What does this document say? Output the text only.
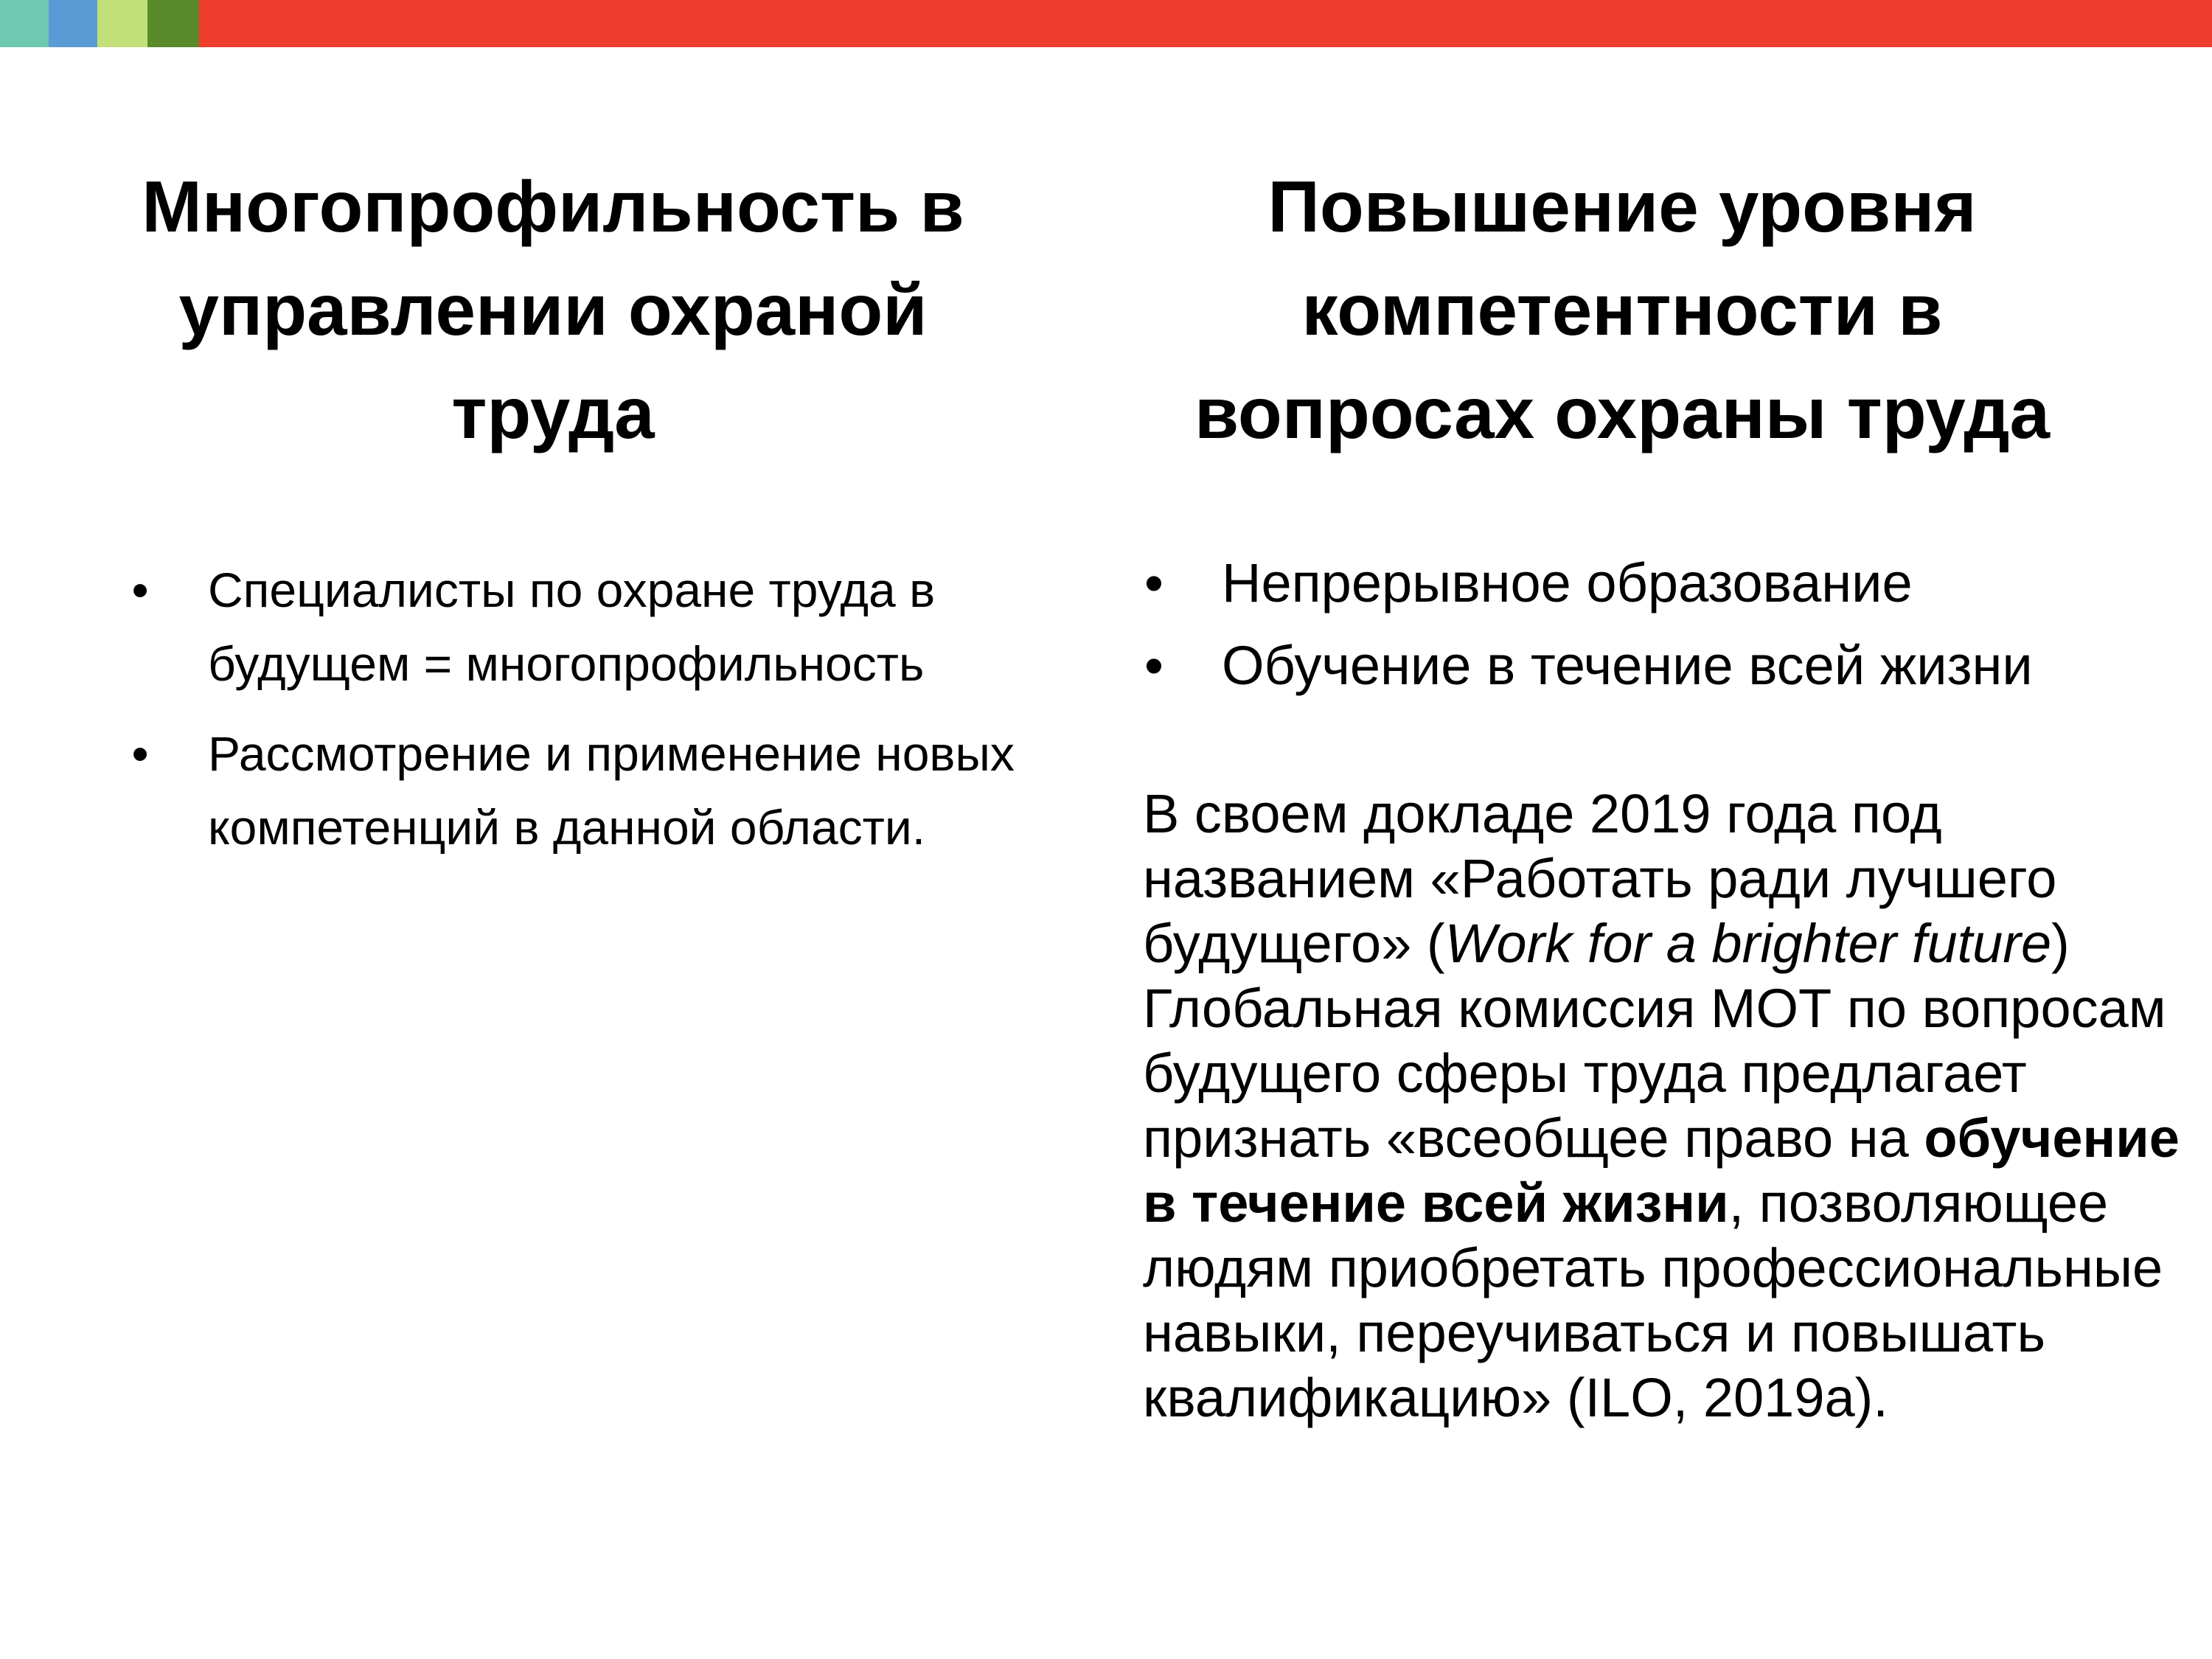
Многопрофильность в управлении охраной труда
Повышение уровня компетентности в вопросах охраны труда
• Специалисты по охране труда в будущем = многопрофильность
• Рассмотрение и применение новых компетенций в данной области.
• Непрерывное образование
• Обучение в течение всей жизни

В своем докладе 2019 года под названием «Работать ради лучшего будущего» (Work for a brighter future) Глобальная комиссия МОТ по вопросам будущего сферы труда предлагает признать «всеобщее право на обучение в течение всей жизни, позволяющее людям приобретать профессиональные навыки, переучиваться и повышать квалификацию» (ILO, 2019a).
